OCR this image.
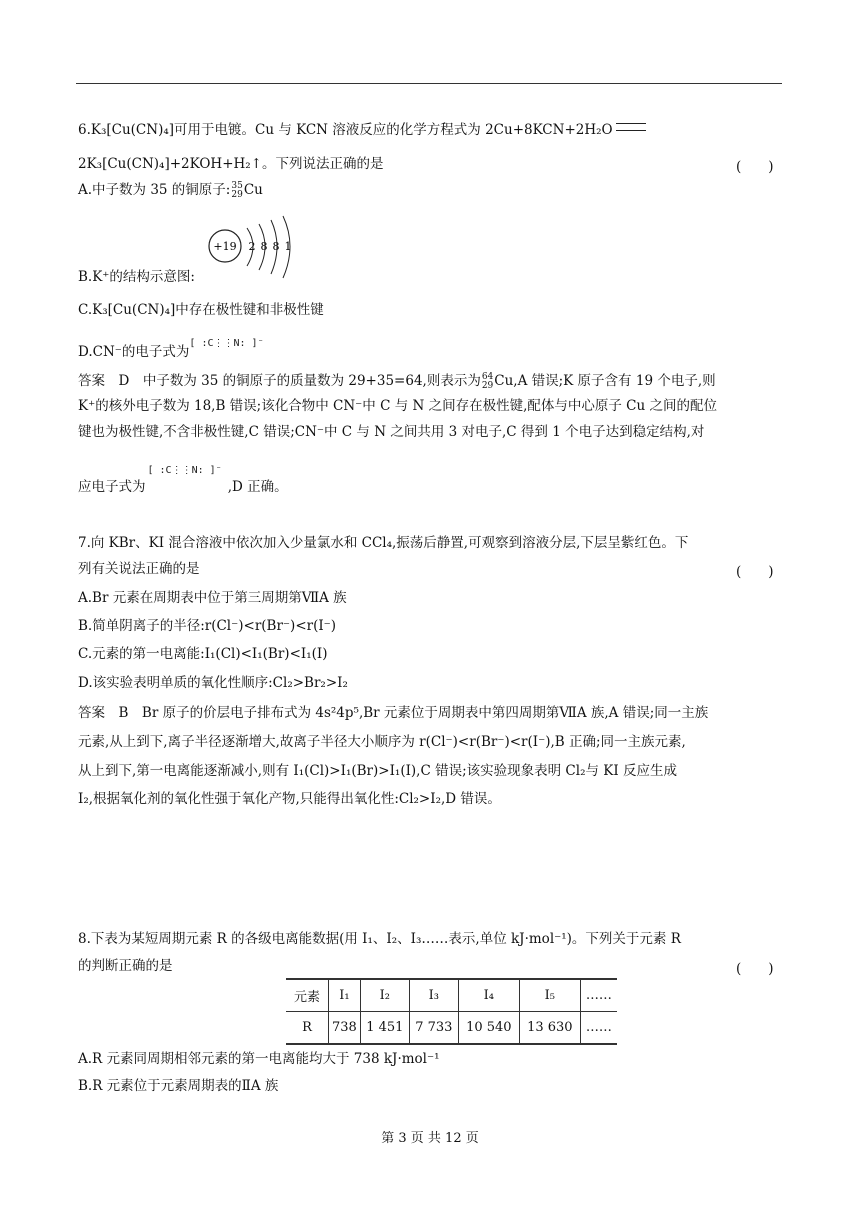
6.K₃[Cu(CN)₄]可用于电镀。Cu 与 KCN 溶液反应的化学方程式为 2Cu+8KCN+2H₂O
2K₃[Cu(CN)₄]+2KOH+H₂↑。下列说法正确的是	(　　)
A.中子数为 35 的铜原子: 35
29 Cu
+19 2 8 8 1
B.K⁺的结构示意图:
C.K₃[Cu(CN)₄]中存在极性键和非极性键
D.CN⁻的电子式为[ :C⋮⋮N: ]⁻
答案　D　中子数为 35 的铜原子的质量数为 29+35=64,则表示为 64
29 Cu,A 错误;K 原子含有 19 个电子,则
K⁺的核外电子数为 18,B 错误;该化合物中 CN⁻中 C 与 N 之间存在极性键,配体与中心原子 Cu 之间的配位
键也为极性键,不含非极性键,C 错误;CN⁻中 C 与 N 之间共用 3 对电子,C 得到 1 个电子达到稳定结构,对
应电子式为[ :C⋮⋮N: ]⁻,D 正确。
7.向 KBr、KI 混合溶液中依次加入少量氯水和 CCl₄,振荡后静置,可观察到溶液分层,下层呈紫红色。下
列有关说法正确的是	(　　)
A.Br 元素在周期表中位于第三周期第ⅦA 族
B.简单阴离子的半径:r(Cl⁻)<r(Br⁻)<r(I⁻)
C.元素的第一电离能:I₁(Cl)<I₁(Br)<I₁(I)
D.该实验表明单质的氧化性顺序:Cl₂>Br₂>I₂
答案　B　Br 原子的价层电子排布式为 4s²4p⁵,Br 元素位于周期表中第四周期第ⅦA 族,A 错误;同一主族
元素,从上到下,离子半径逐渐增大,故离子半径大小顺序为 r(Cl⁻)<r(Br⁻)<r(I⁻),B 正确;同一主族元素,
从上到下,第一电离能逐渐减小,则有 I₁(Cl)>I₁(Br)>I₁(I),C 错误;该实验现象表明 Cl₂与 KI 反应生成
I₂,根据氧化剂的氧化性强于氧化产物,只能得出氧化性:Cl₂>I₂,D 错误。
8.下表为某短周期元素 R 的各级电离能数据(用 I₁、I₂、I₃……表示,单位 kJ·mol⁻¹)。下列关于元素 R
的判断正确的是	(　　)
元素	I₁	I₂	I₃	I₄	I₅	……
R	738	1 451	7 733	10 540	13 630	……
A.R 元素同周期相邻元素的第一电离能均大于 738 kJ·mol⁻¹
B.R 元素位于元素周期表的ⅡA 族
第 3 页 共 12 页
